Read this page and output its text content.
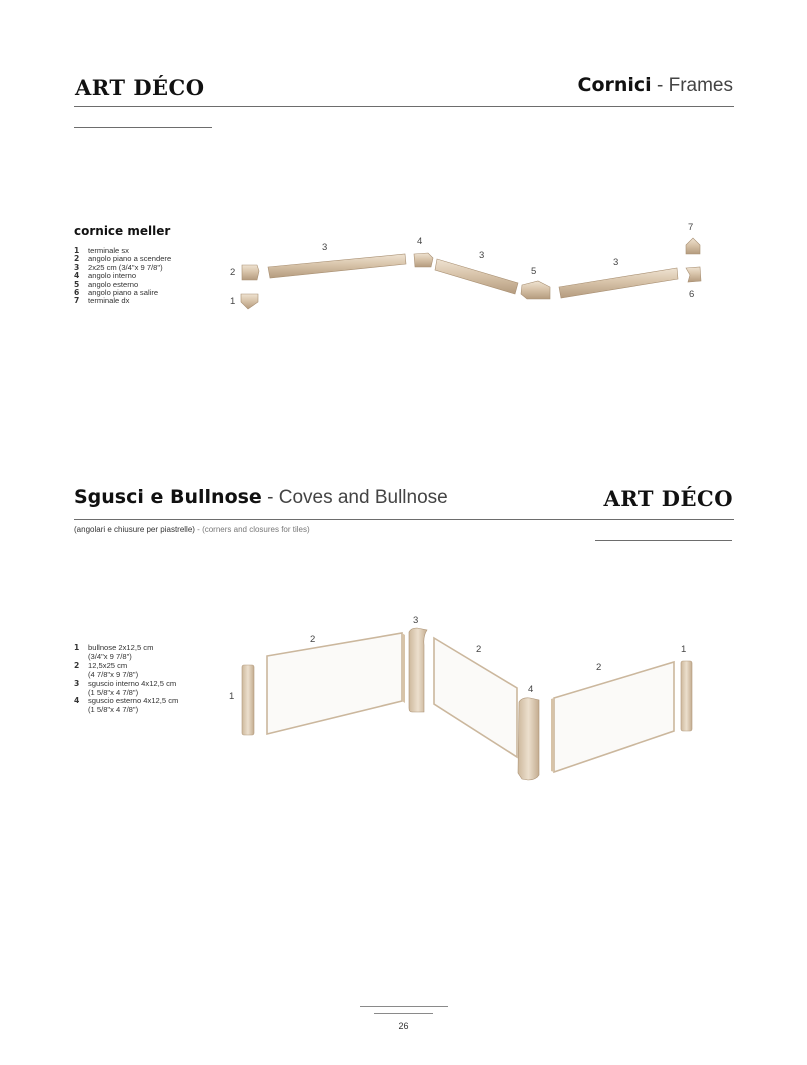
ART DÉCO	Cornici - Frames
cornice meller
1	terminale sx
2	angolo piano a scendere
3	2x25 cm (3/4"x 9 7/8")
4	angolo interno
5	angolo esterno
6	angolo piano a salire
7	terminale dx	1
2
3
4
3
5
3
7
6
Sgusci e Bullnose - Coves and Bullnose	ART DÉCO
(angolari e chiusure per piastrelle) - (corners and closures for tiles)
1	bullnose 2x12,5 cm
(3/4"x 9 7/8")
2	12,5x25 cm
(4 7/8"x 9 7/8")
3	sguscio interno 4x12,5 cm
(1 5/8"x 4 7/8")
4	sguscio esterno 4x12,5 cm
(1 5/8"x 4 7/8")
1
2
3
2
4
2
1
26
